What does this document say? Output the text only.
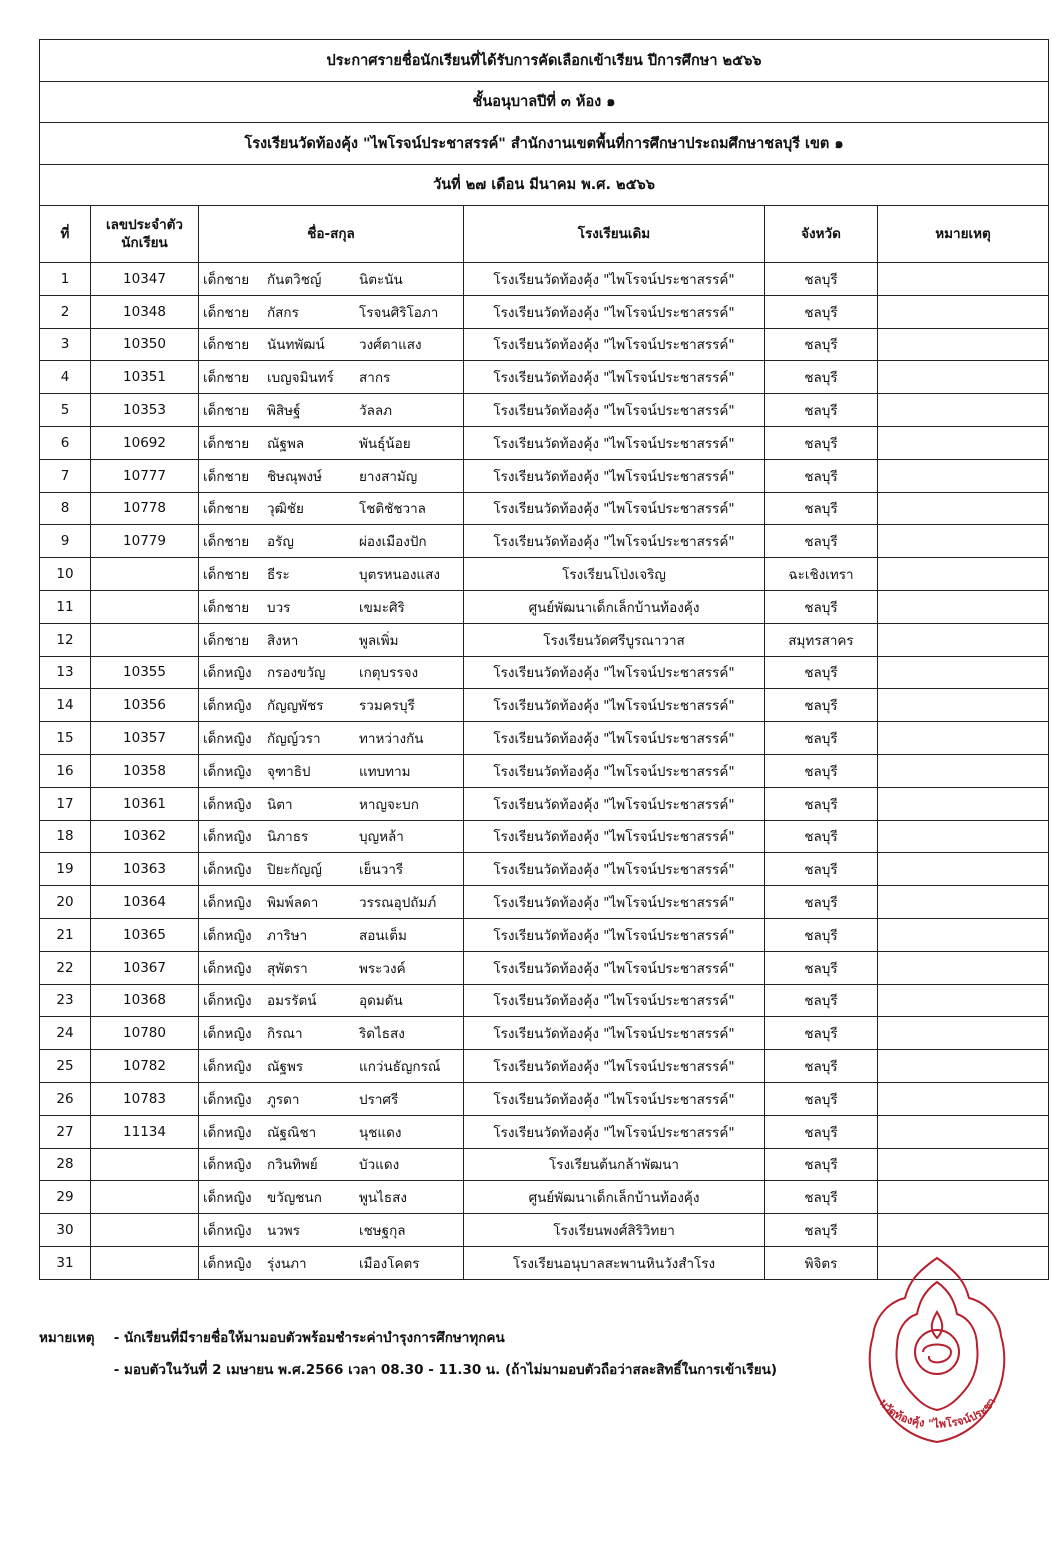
ประกาศรายชื่อนักเรียนที่ได้รับการคัดเลือกเข้าเรียน ปีการศึกษา ๒๕๖๖					
ชั้นอนุบาลปีที่ ๓ ห้อง ๑					
โรงเรียนวัดท้องคุ้ง "ไพโรจน์ประชาสรรค์" สำนักงานเขตพื้นที่การศึกษาประถมศึกษาชลบุรี เขต ๑					
วันที่ ๒๗ เดือน มีนาคม พ.ศ. ๒๕๖๖					
ที่	เลขประจำตัว
นักเรียน	ชื่อ-สกุล	โรงเรียนเดิม	จังหวัด	หมายเหตุ
1	10347	เด็กชาย กันตวิชญ์ นิตะนัน	โรงเรียนวัดท้องคุ้ง "ไพโรจน์ประชาสรรค์"	ชลบุรี	
2	10348	เด็กชาย กัสกร โรจนศิริโอภา	โรงเรียนวัดท้องคุ้ง "ไพโรจน์ประชาสรรค์"	ชลบุรี	
3	10350	เด็กชาย นันทพัฒน์ วงศ์ตาแสง	โรงเรียนวัดท้องคุ้ง "ไพโรจน์ประชาสรรค์"	ชลบุรี	
4	10351	เด็กชาย เบญจมินทร์ สากร	โรงเรียนวัดท้องคุ้ง "ไพโรจน์ประชาสรรค์"	ชลบุรี	
5	10353	เด็กชาย พิสิษฐ์ วัลลภ	โรงเรียนวัดท้องคุ้ง "ไพโรจน์ประชาสรรค์"	ชลบุรี	
6	10692	เด็กชาย ณัฐพล พันธุ์น้อย	โรงเรียนวัดท้องคุ้ง "ไพโรจน์ประชาสรรค์"	ชลบุรี	
7	10777	เด็กชาย ชิษณุพงษ์ ยางสามัญ	โรงเรียนวัดท้องคุ้ง "ไพโรจน์ประชาสรรค์"	ชลบุรี	
8	10778	เด็กชาย วุฒิชัย โชติชัชวาล	โรงเรียนวัดท้องคุ้ง "ไพโรจน์ประชาสรรค์"	ชลบุรี	
9	10779	เด็กชาย อรัญ ผ่องเมืองปัก	โรงเรียนวัดท้องคุ้ง "ไพโรจน์ประชาสรรค์"	ชลบุรี	
10		เด็กชาย ธีระ บุตรหนองแสง	โรงเรียนโป่งเจริญ	ฉะเชิงเทรา	
11		เด็กชาย บวร เขมะศิริ	ศูนย์พัฒนาเด็กเล็กบ้านท้องคุ้ง	ชลบุรี	
12		เด็กชาย สิงหา พูลเพิ่ม	โรงเรียนวัดศรีบูรณาวาส	สมุทรสาคร	
13	10355	เด็กหญิง กรองขวัญ เกตุบรรจง	โรงเรียนวัดท้องคุ้ง "ไพโรจน์ประชาสรรค์"	ชลบุรี	
14	10356	เด็กหญิง กัญญพัชร รวมครบุรี	โรงเรียนวัดท้องคุ้ง "ไพโรจน์ประชาสรรค์"	ชลบุรี	
15	10357	เด็กหญิง กัญญ์วรา ทาหว่างกัน	โรงเรียนวัดท้องคุ้ง "ไพโรจน์ประชาสรรค์"	ชลบุรี	
16	10358	เด็กหญิง จุฑาธิป แทบทาม	โรงเรียนวัดท้องคุ้ง "ไพโรจน์ประชาสรรค์"	ชลบุรี	
17	10361	เด็กหญิง นิตา หาญจะบก	โรงเรียนวัดท้องคุ้ง "ไพโรจน์ประชาสรรค์"	ชลบุรี	
18	10362	เด็กหญิง นิภาธร บุญหล้า	โรงเรียนวัดท้องคุ้ง "ไพโรจน์ประชาสรรค์"	ชลบุรี	
19	10363	เด็กหญิง ปิยะกัญญ์ เย็นวารี	โรงเรียนวัดท้องคุ้ง "ไพโรจน์ประชาสรรค์"	ชลบุรี	
20	10364	เด็กหญิง พิมพ์ลดา วรรณอุปถัมภ์	โรงเรียนวัดท้องคุ้ง "ไพโรจน์ประชาสรรค์"	ชลบุรี	
21	10365	เด็กหญิง ภาริษา สอนเต็ม	โรงเรียนวัดท้องคุ้ง "ไพโรจน์ประชาสรรค์"	ชลบุรี	
22	10367	เด็กหญิง สุพัตรา พระวงค์	โรงเรียนวัดท้องคุ้ง "ไพโรจน์ประชาสรรค์"	ชลบุรี	
23	10368	เด็กหญิง อมรรัตน์ อุดมดัน	โรงเรียนวัดท้องคุ้ง "ไพโรจน์ประชาสรรค์"	ชลบุรี	
24	10780	เด็กหญิง กิรณา ริดไธสง	โรงเรียนวัดท้องคุ้ง "ไพโรจน์ประชาสรรค์"	ชลบุรี	
25	10782	เด็กหญิง ณัฐพร แกว่นธัญกรณ์	โรงเรียนวัดท้องคุ้ง "ไพโรจน์ประชาสรรค์"	ชลบุรี	
26	10783	เด็กหญิง ภูรดา ปราศรี	โรงเรียนวัดท้องคุ้ง "ไพโรจน์ประชาสรรค์"	ชลบุรี	
27	11134	เด็กหญิง ณัฐณิชา นุชแดง	โรงเรียนวัดท้องคุ้ง "ไพโรจน์ประชาสรรค์"	ชลบุรี	
28		เด็กหญิง กวินทิพย์ บัวแดง	โรงเรียนต้นกล้าพัฒนา	ชลบุรี	
29		เด็กหญิง ขวัญชนก พูนไธสง	ศูนย์พัฒนาเด็กเล็กบ้านท้องคุ้ง	ชลบุรี	
30		เด็กหญิง นวพร เชษฐกุล	โรงเรียนพงศ์สิริวิทยา	ชลบุรี	
31		เด็กหญิง รุ่งนภา เมืองโคตร	โรงเรียนอนุบาลสะพานหินวังสำโรง	พิจิตร	
หมายเหตุ - นักเรียนที่มีรายชื่อให้มามอบตัวพร้อมชำระค่าบำรุงการศึกษาทุกคน
- มอบตัวในวันที่ 2 เมษายน พ.ศ.2566 เวลา 08.30 - 11.30 น. (ถ้าไม่มามอบตัวถือว่าสละสิทธิ์ในการเข้าเรียน)
นวัดท้องคุ้ง "ไพโรจน์ประชา
